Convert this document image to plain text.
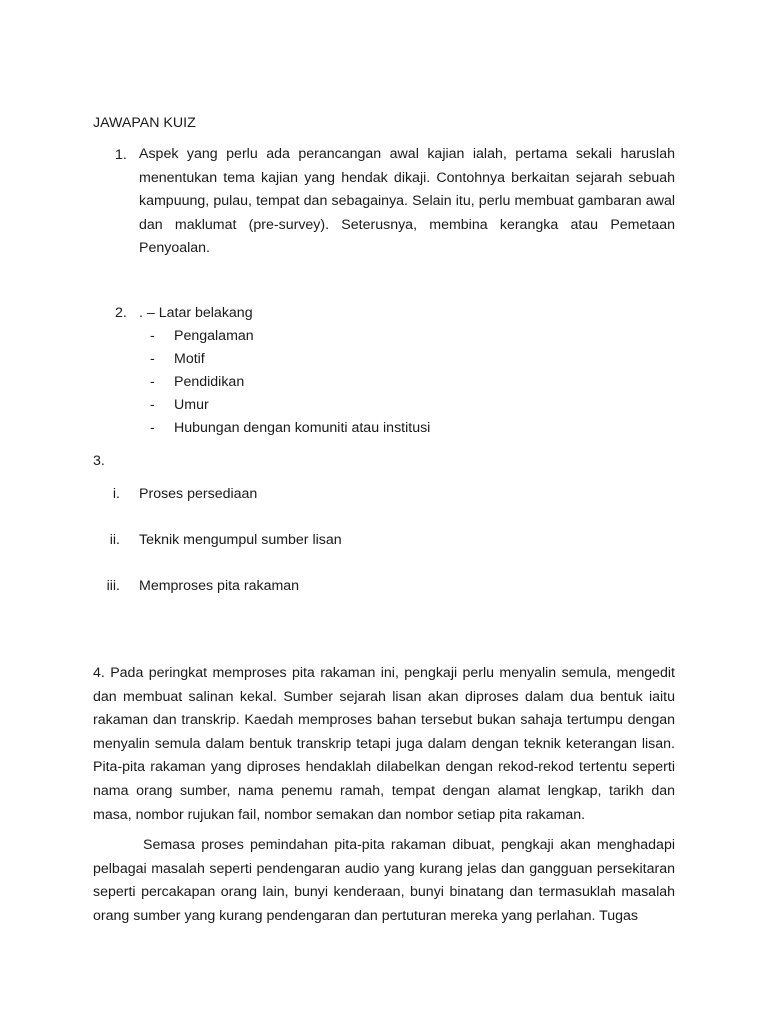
JAWAPAN KUIZ
1. Aspek yang perlu ada perancangan awal kajian ialah, pertama sekali haruslah menentukan tema kajian yang hendak dikaji. Contohnya berkaitan sejarah sebuah kampuung, pulau, tempat dan sebagainya. Selain itu, perlu membuat gambaran awal dan maklumat (pre-survey). Seterusnya, membina kerangka atau Pemetaan Penyoalan.
2. . – Latar belakang
- Pengalaman
- Motif
- Pendidikan
- Umur
- Hubungan dengan komuniti atau institusi
3.
i. Proses persediaan
ii. Teknik mengumpul sumber lisan
iii. Memproses pita rakaman
4. Pada peringkat memproses pita rakaman ini, pengkaji perlu menyalin semula, mengedit dan membuat salinan kekal. Sumber sejarah lisan akan diproses dalam dua bentuk iaitu rakaman dan transkrip. Kaedah memproses bahan tersebut bukan sahaja tertumpu dengan menyalin semula dalam bentuk transkrip tetapi juga dalam dengan teknik keterangan lisan. Pita-pita rakaman yang diproses hendaklah dilabelkan dengan rekod-rekod tertentu seperti nama orang sumber, nama penemu ramah, tempat dengan alamat lengkap, tarikh dan masa, nombor rujukan fail, nombor semakan dan nombor setiap pita rakaman.
Semasa proses pemindahan pita-pita rakaman dibuat, pengkaji akan menghadapi pelbagai masalah seperti pendengaran audio yang kurang jelas dan gangguan persekitaran seperti percakapan orang lain, bunyi kenderaan, bunyi binatang dan termasuklah masalah orang sumber yang kurang pendengaran dan pertuturan mereka yang perlahan. Tugas
